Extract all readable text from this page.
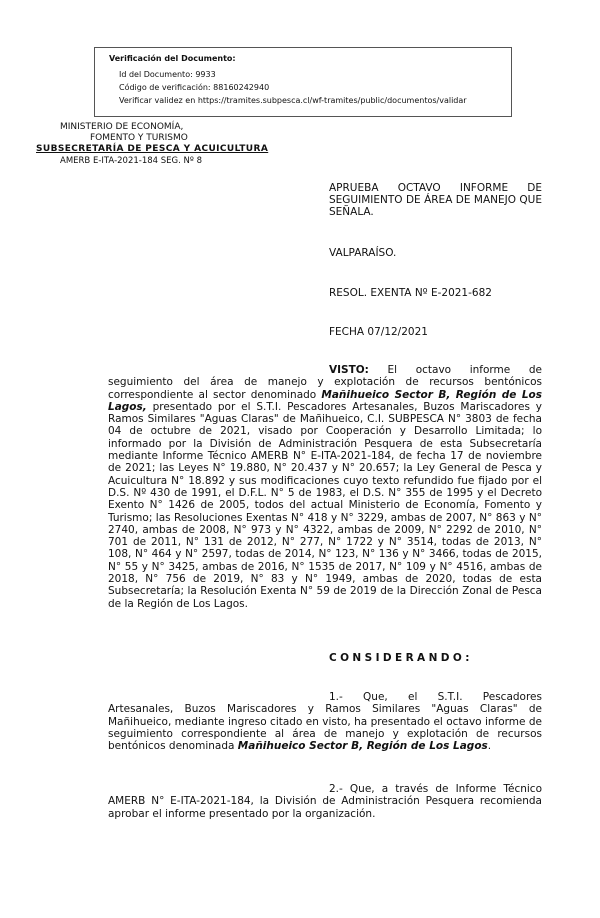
Verificación del Documento:
● Id del Documento: 9933
● Código de verificación: 88160242940
● Verificar validez en https://tramites.subpesca.cl/wf-tramites/public/documentos/validar
MINISTERIO DE ECONOMÍA,
FOMENTO Y TURISMO
SUBSECRETARÍA DE PESCA Y ACUICULTURA
AMERB E-ITA-2021-184 SEG. Nº 8
APRUEBA OCTAVO INFORME DE SEGUIMIENTO DE ÁREA DE MANEJO QUE SEÑALA.
VALPARAÍSO.
RESOL. EXENTA Nº E-2021-682
FECHA 07/12/2021
VISTO: El octavo informe de seguimiento del área de manejo y explotación de recursos bentónicos correspondiente al sector denominado Mañihueico Sector B, Región de Los Lagos, presentado por el S.T.I. Pescadores Artesanales, Buzos Mariscadores y Ramos Similares "Aguas Claras" de Mañihueico, C.I. SUBPESCA N° 3803 de fecha 04 de octubre de 2021, visado por Cooperación y Desarrollo Limitada; lo informado por la División de Administración Pesquera de esta Subsecretaría mediante Informe Técnico AMERB N° E-ITA-2021-184, de fecha 17 de noviembre de 2021; las Leyes N° 19.880, N° 20.437 y N° 20.657; la Ley General de Pesca y Acuicultura N° 18.892 y sus modificaciones cuyo texto refundido fue fijado por el D.S. Nº 430 de 1991, el D.F.L. N° 5 de 1983, el D.S. N° 355 de 1995 y el Decreto Exento N° 1426 de 2005, todos del actual Ministerio de Economía, Fomento y Turismo; las Resoluciones Exentas N° 418 y N° 3229, ambas de 2007, N° 863 y N° 2740, ambas de 2008, N° 973 y N° 4322, ambas de 2009, N° 2292 de 2010, N° 701 de 2011, N° 131 de 2012, N° 277, N° 1722 y N° 3514, todas de 2013, N° 108, N° 464 y N° 2597, todas de 2014, N° 123, N° 136 y N° 3466, todas de 2015, N° 55 y N° 3425, ambas de 2016, N° 1535 de 2017, N° 109 y N° 4516, ambas de 2018, N° 756 de 2019, N° 83 y N° 1949, ambas de 2020, todas de esta Subsecretaría; la Resolución Exenta N° 59 de 2019 de la Dirección Zonal de Pesca de la Región de Los Lagos.
CONSIDERANDO:
1.- Que, el S.T.I. Pescadores Artesanales, Buzos Mariscadores y Ramos Similares "Aguas Claras" de Mañihueico, mediante ingreso citado en visto, ha presentado el octavo informe de seguimiento correspondiente al área de manejo y explotación de recursos bentónicos denominada Mañihueico Sector B, Región de Los Lagos.
2.- Que, a través de Informe Técnico AMERB N° E-ITA-2021-184, la División de Administración Pesquera recomienda aprobar el informe presentado por la organización.
